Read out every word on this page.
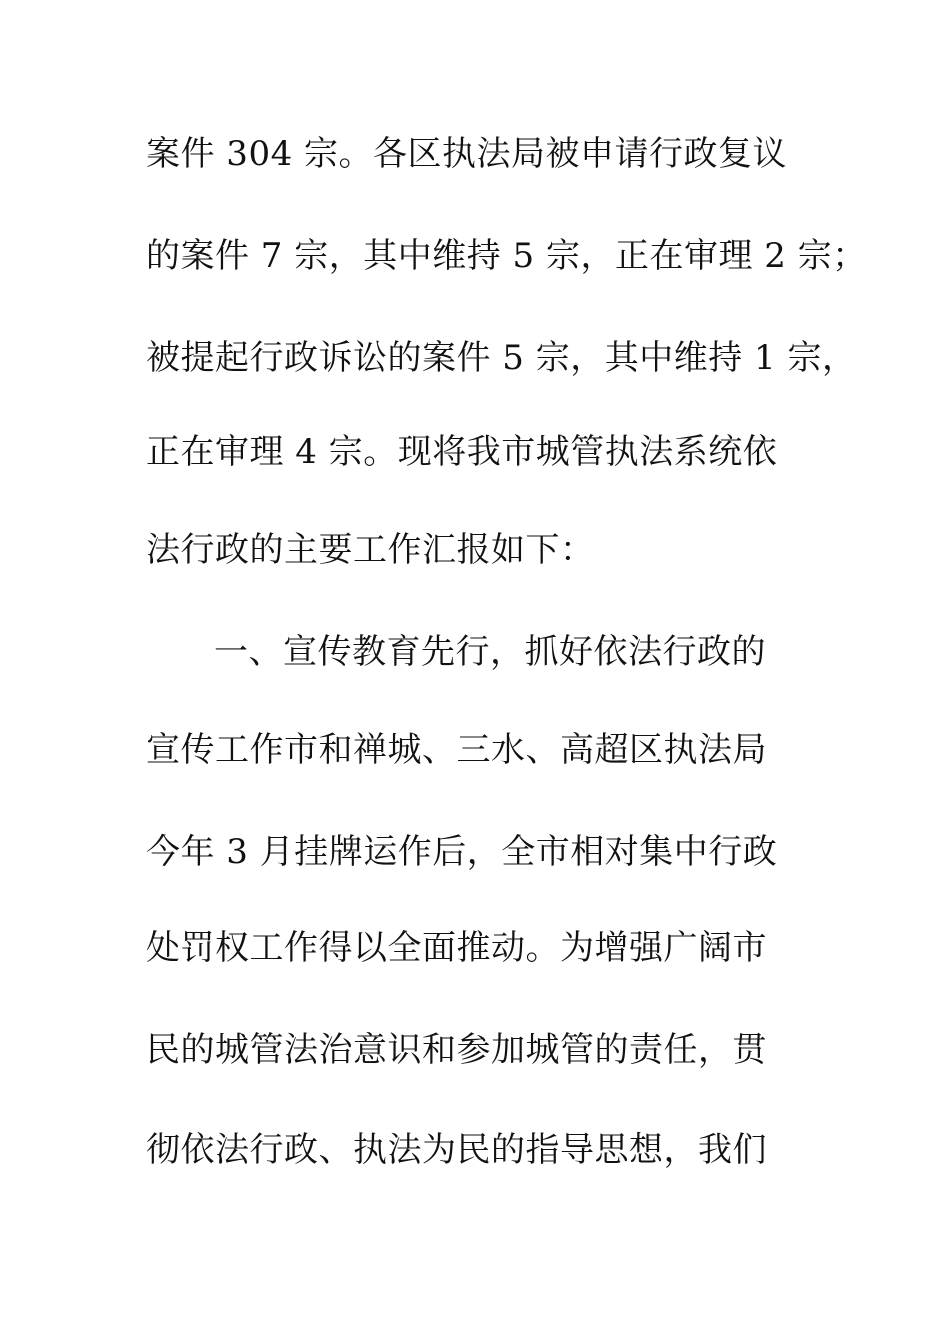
案件 304 宗。各区执法局被申请行政复议
的案件 7 宗，其中维持 5 宗，正在审理 2 宗；
被提起行政诉讼的案件 5 宗，其中维持 1 宗，
正在审理 4 宗。现将我市城管执法系统依
法行政的主要工作汇报如下：
一、宣传教育先行，抓好依法行政的
宣传工作市和禅城、三水、高超区执法局
今年 3 月挂牌运作后，全市相对集中行政
处罚权工作得以全面推动。为增强广阔市
民的城管法治意识和参加城管的责任，贯
彻依法行政、执法为民的指导思想，我们
